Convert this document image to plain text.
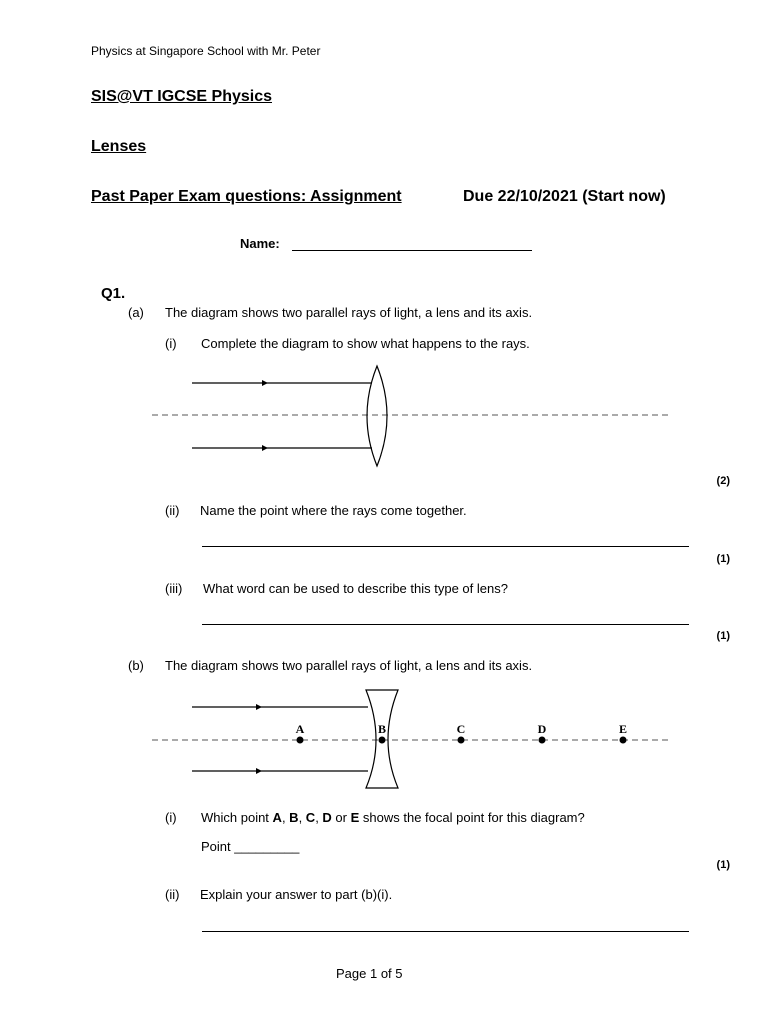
Physics at Singapore School with Mr. Peter
SIS@VT IGCSE Physics
Lenses
Past Paper Exam questions: Assignment	Due 22/10/2021 (Start now)
Name:
Q1.
(a) The diagram shows two parallel rays of light, a lens and its axis.
(i) Complete the diagram to show what happens to the rays.
(2)
(ii) Name the point where the rays come together.
(1)
(iii) What word can be used to describe this type of lens?
(1)
(b) The diagram shows two parallel rays of light, a lens and its axis.
A	B	C	D	E
(i) Which point A, B, C, D or E shows the focal point for this diagram?
Point _________
(1)
(ii) Explain your answer to part (b)(i).
Page 1 of 5
